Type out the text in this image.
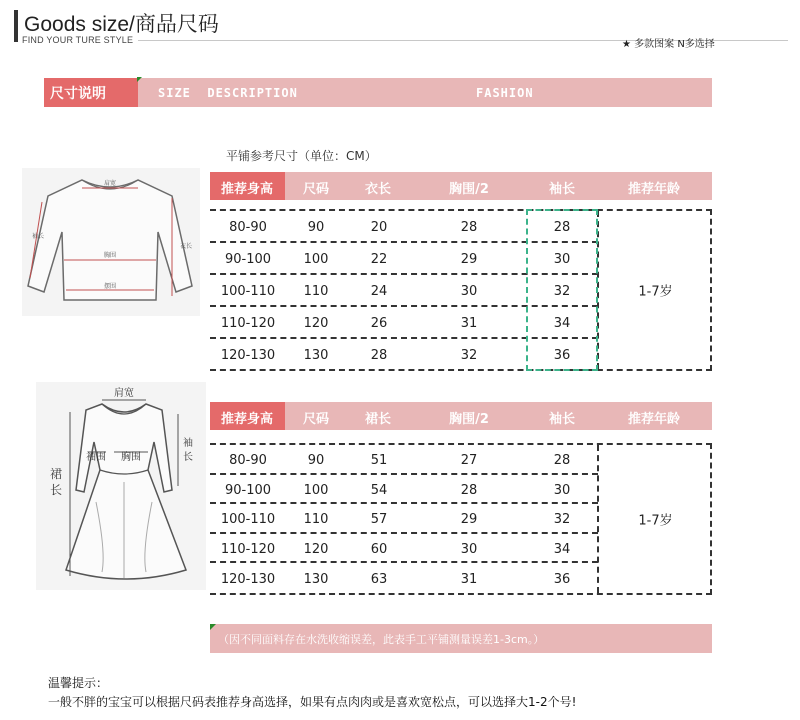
Goods size/商品尺码
FIND YOUR TURE STYLE	★ 多款图案 N多选择
尺寸说明	SIZE  DESCRIPTION	FASHION
平铺参考尺寸（单位：CM）
肩宽
胸围
摆围
衣长
袖长
肩宽
袖围 胸围
袖长
裙长
推荐身高 尺码	衣长	胸围/2	袖长	推荐年龄
80-90	90	20	28	28
90-100	100	22	29	30
100-110 110	24	30	32
110-120 120	26	31	34
120-130 130	28	32	36
1-7岁
推荐身高 尺码	裙长	胸围/2	袖长	推荐年龄
80-90	90	51	27	28
90-100	100	54	28	30
100-110 110	57	29	32
110-120 120	60	30	34
120-130 130	63	31	36
1-7岁
（因不同面料存在水洗收缩误差，此表手工平铺测量误差1-3cm。）
温馨提示：
一般不胖的宝宝可以根据尺码表推荐身高选择，如果有点肉肉或是喜欢宽松点，可以选择大1-2个号!
